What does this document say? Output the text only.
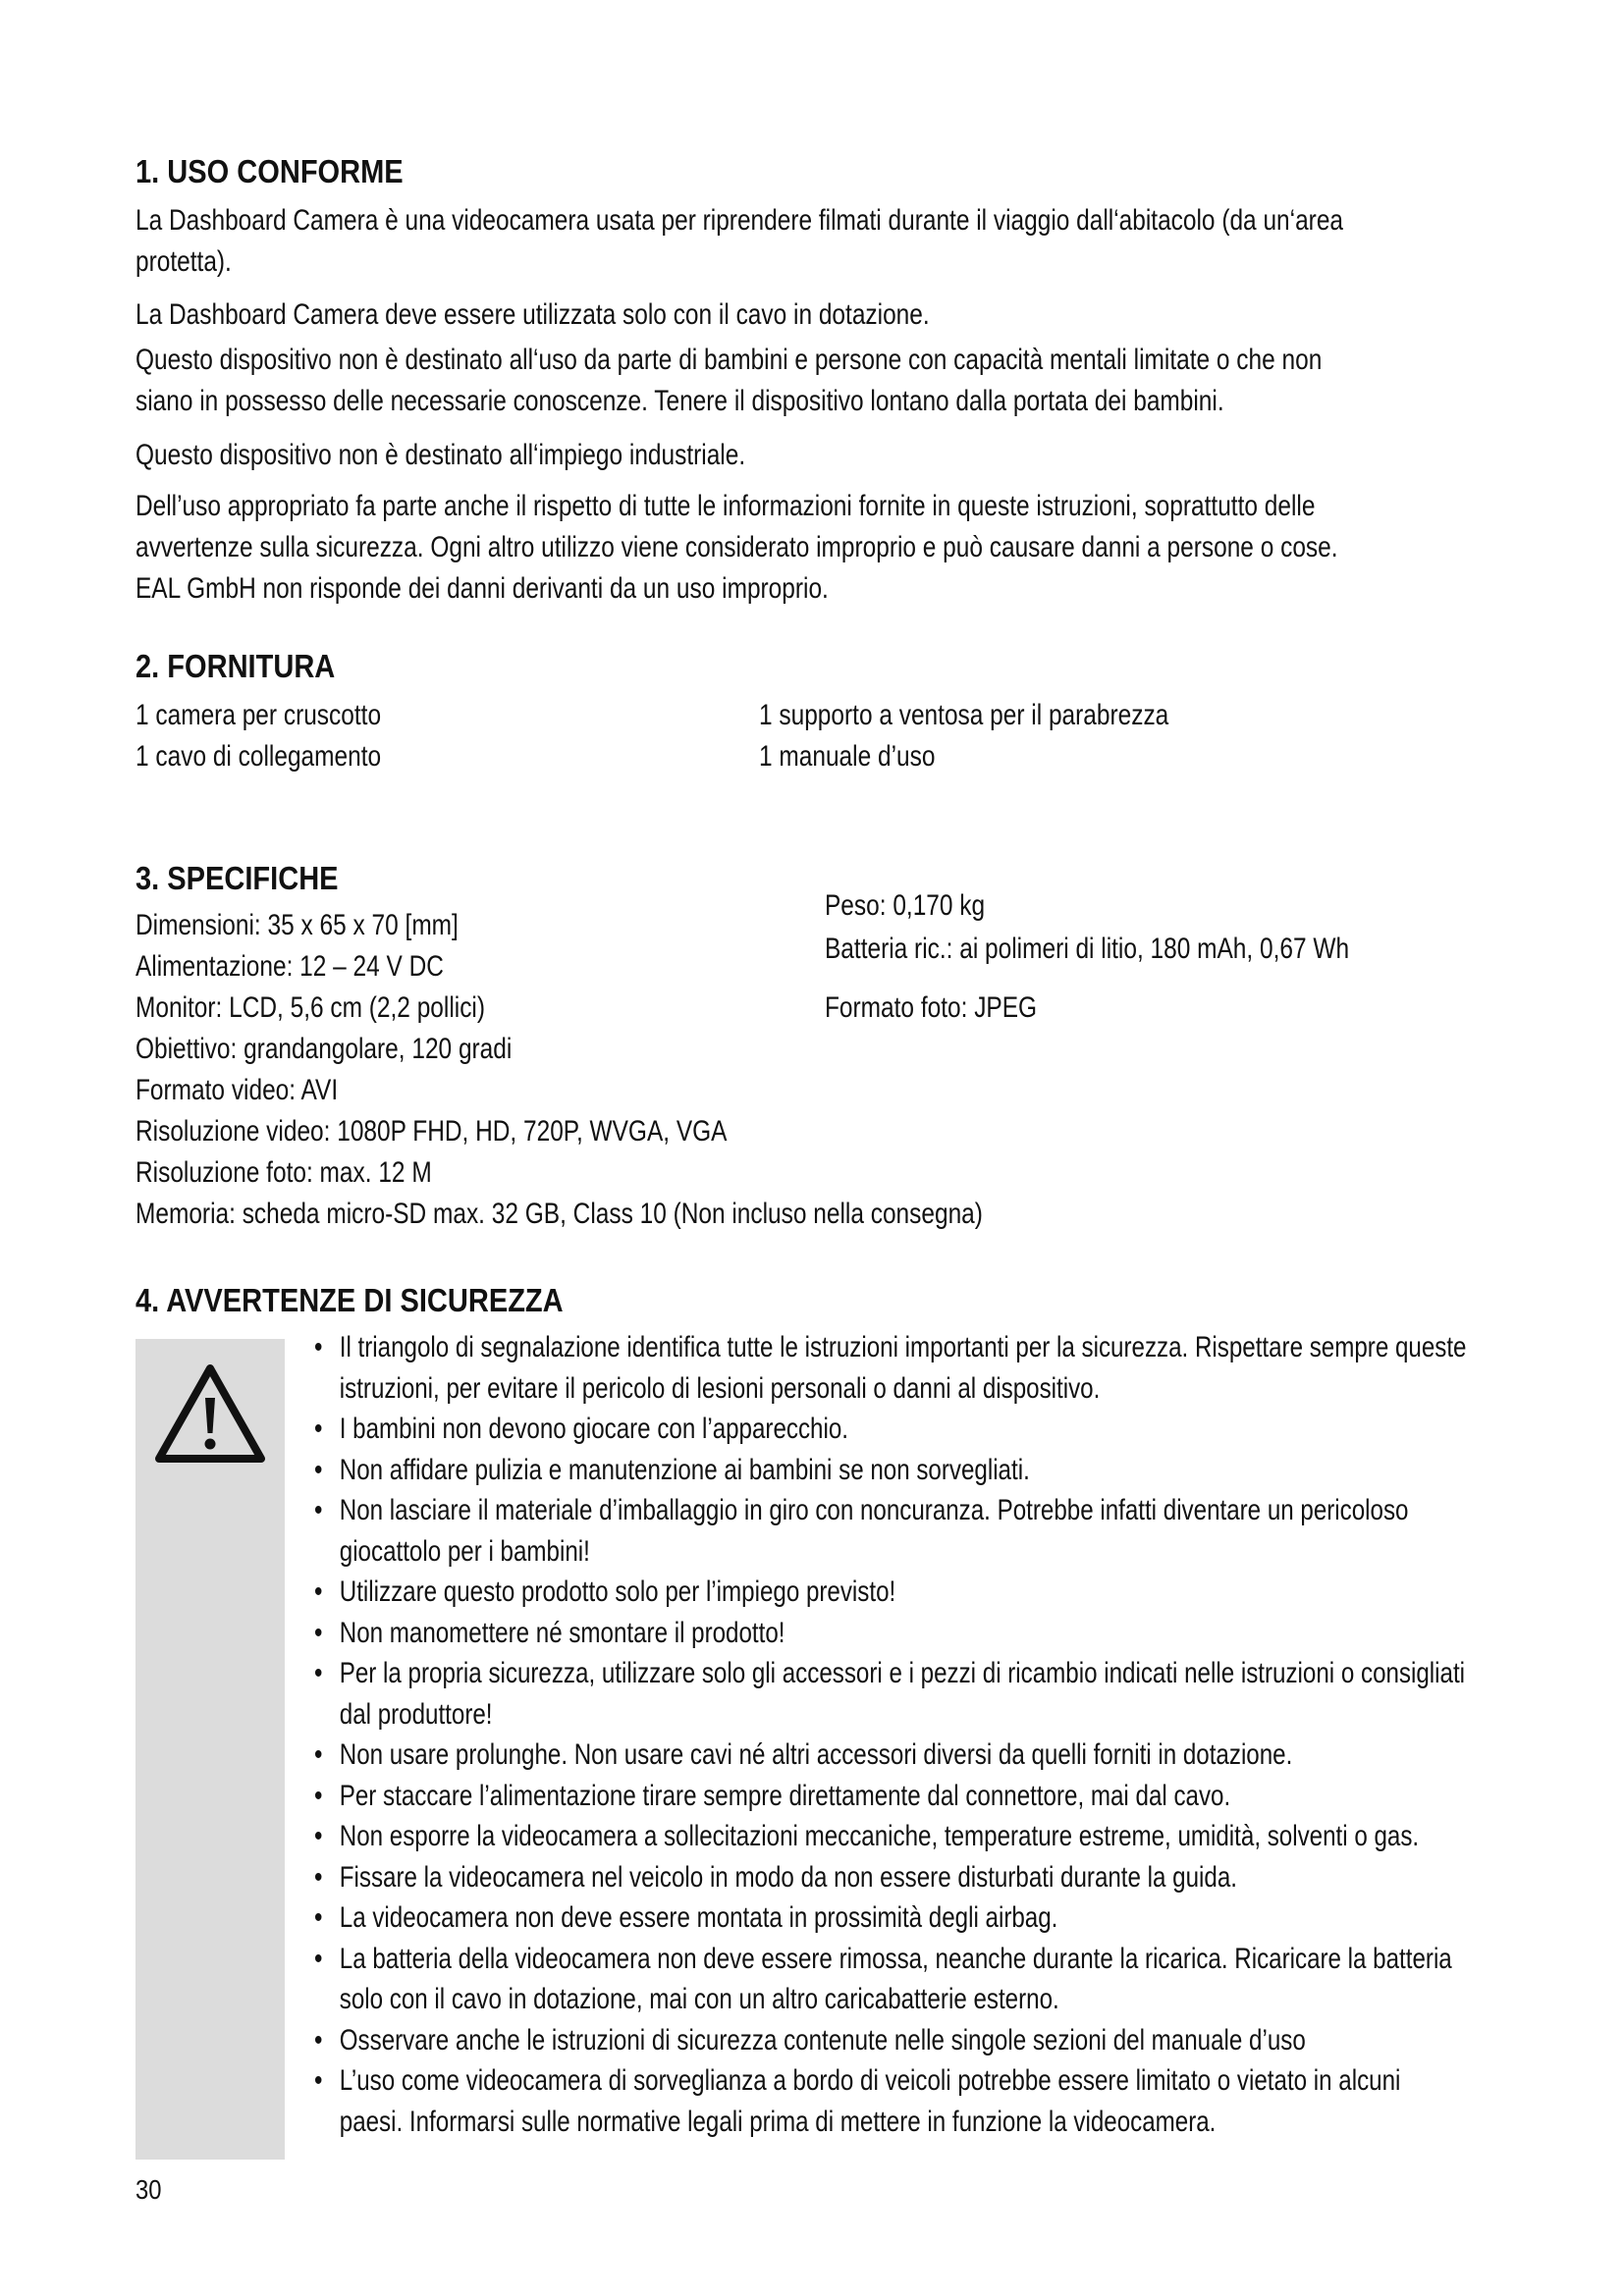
1. USO CONFORME

La Dashboard Camera è una videocamera usata per riprendere filmati durante il viaggio dall‘abitacolo (da un‘area protetta).

La Dashboard Camera deve essere utilizzata solo con il cavo in dotazione.

Questo dispositivo non è destinato all‘uso da parte di bambini e persone con capacità mentali limitate o che non siano in possesso delle necessarie conoscenze. Tenere il dispositivo lontano dalla portata dei bambini.

Questo dispositivo non è destinato all‘impiego industriale.

Dell’uso appropriato fa parte anche il rispetto di tutte le informazioni fornite in queste istruzioni, soprattutto delle avvertenze sulla sicurezza. Ogni altro utilizzo viene considerato improprio e può causare danni a persone o cose. EAL GmbH non risponde dei danni derivanti da un uso improprio.

2. FORNITURA

1 camera per cruscotto

1 cavo di collegamento

1 supporto a ventosa per il parabrezza

1 manuale d’uso

3. SPECIFICHE

Dimensioni: 35 x 65 x 70 [mm]

Alimentazione: 12 – 24 V DC

Monitor: LCD, 5,6 cm (2,2 pollici)

Obiettivo: grandangolare, 120 gradi

Formato video: AVI

Risoluzione video: 1080P FHD, HD, 720P, WVGA, VGA

Risoluzione foto: max. 12 M

Memoria: scheda micro-SD max. 32 GB, Class 10 (Non incluso nella consegna)

Peso: 0,170 kg

Batteria ric.: ai polimeri di litio, 180 mAh, 0,67 Wh

Formato foto: JPEG

4. AVVERTENZE DI SICUREZZA
• Il triangolo di segnalazione identifica tutte le istruzioni importanti per la sicurezza. Rispettare sempre queste istruzioni, per evitare il pericolo di lesioni personali o danni al dispositivo.
• I bambini non devono giocare con l’apparecchio.
• Non affidare pulizia e manutenzione ai bambini se non sorvegliati.
• Non lasciare il materiale d’imballaggio in giro con noncuranza. Potrebbe infatti diventare un pericoloso giocattolo per i bambini!
• Utilizzare questo prodotto solo per l’impiego previsto!
• Non manomettere né smontare il prodotto!
• Per la propria sicurezza, utilizzare solo gli accessori e i pezzi di ricambio indicati nelle istruzioni o consigliati dal produttore!
• Non usare prolunghe. Non usare cavi né altri accessori diversi da quelli forniti in dotazione.
• Per staccare l’alimentazione tirare sempre direttamente dal connettore, mai dal cavo.
• Non esporre la videocamera a sollecitazioni meccaniche, temperature estreme, umidità, solventi o gas.
• Fissare la videocamera nel veicolo in modo da non essere disturbati durante la guida.
• La videocamera non deve essere montata in prossimità degli airbag.
• La batteria della videocamera non deve essere rimossa, neanche durante la ricarica. Ricaricare la batteria solo con il cavo in dotazione, mai con un altro caricabatterie esterno.
• Osservare anche le istruzioni di sicurezza contenute nelle singole sezioni del manuale d’uso
• L’uso come videocamera di sorveglianza a bordo di veicoli potrebbe essere limitato o vietato in alcuni paesi. Informarsi sulle normative legali prima di mettere in funzione la videocamera.

30
